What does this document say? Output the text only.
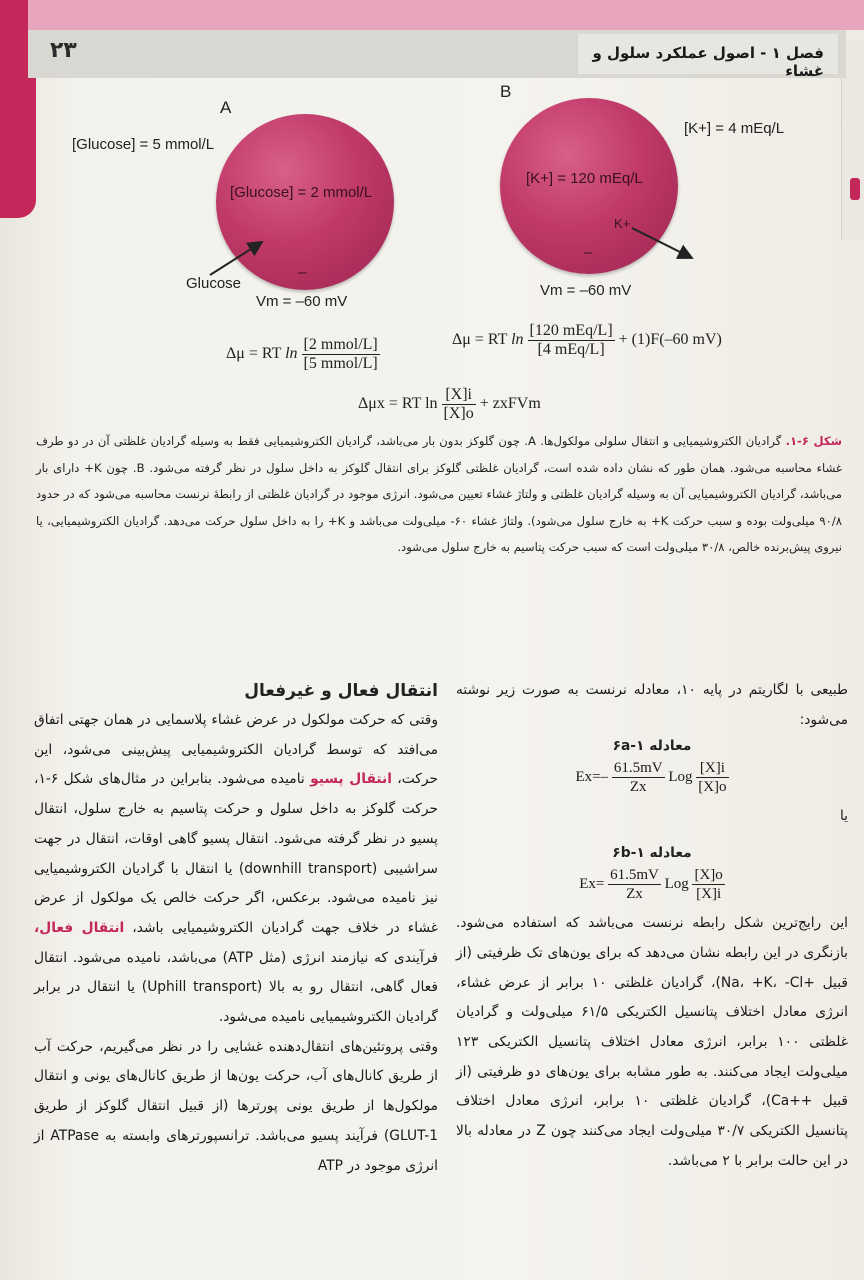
۲۳	فصل ۱ - اصول عملکرد سلول و غشاء
A
[Glucose] = 5 mmol/L
[Glucose] = 2 mmol/L
–
Glucose
Vm = –60 mV
Δμ = RT $\ln \frac{\text{[2 mmol/L]}}{\text{[5 mmol/L]}}$
B
[K+] = 4 mEq/L
[K+] = 120 mEq/L
K+
–
Vm = –60 mV
Δμ = RT $\ln \frac{\text{[120 mEq/L]}}{\text{[4 mEq/L]}} + (1)F(-60$ mV)
Δμx = RT $\ln \frac{[X]i}{[X]o}$ + zxFVm
شکل ۶-۱. گرادیان الکتروشیمیایی و انتقال سلولی مولکول‌ها. A. چون گلوکز بدون بار می‌باشد، گرادیان الکتروشیمیایی فقط به وسیله گرادیان غلظتی آن در دو طرف غشاء محاسبه می‌شود. همان طور که نشان داده شده است، گرادیان غلظتی گلوکز برای انتقال گلوکز به داخل سلول در نظر گرفته می‌شود. B. چون K+ دارای بار می‌باشد، گرادیان الکتروشیمیایی آن به وسیله گرادیان غلظتی و ولتاژ غشاء تعیین می‌شود. انرژی موجود در گرادیان غلظتی از رابطهٔ نرنست محاسبه می‌شود که در حدود ۹۰/۸ میلی‌ولت بوده و سبب حرکت K+ به خارج سلول می‌شود). ولتاژ غشاء ۶۰- میلی‌ولت می‌باشد و K+ را به داخل سلول حرکت می‌دهد. گرادیان الکتروشیمیایی، یا نیروی پیش‌برنده خالص، ۳۰/۸ میلی‌ولت است که سبب حرکت پتاسیم به خارج سلول می‌شود.
انتقال فعال و غیرفعال

وقتی که حرکت مولکول در عرض غشاء پلاسمایی در همان جهتی اتفاق می‌افتد که توسط گرادیان الکتروشیمیایی پیش‌بینی می‌شود، این حرکت، انتقال پسیو نامیده می‌شود. بنابراین در مثال‌های شکل ۶-۱، حرکت گلوکز به داخل سلول و حرکت پتاسیم به خارج سلول، انتقال پسیو در نظر گرفته می‌شود. انتقال پسیو گاهی اوقات، انتقال در جهت سراشیبی (downhill transport) یا انتقال با گرادیان الکتروشیمیایی نیز نامیده می‌شود. برعکس، اگر حرکت خالص یک مولکول از عرض غشاء در خلاف جهت گرادیان الکتروشیمیایی باشد، انتقال فعال، فرآیندی که نیازمند انرژی (مثل ATP) می‌باشد، نامیده می‌شود. انتقال فعال گاهی، انتقال رو به بالا (Uphill transport) یا انتقال در برابر گرادیان الکتروشیمیایی نامیده می‌شود.

وقتی پروتئین‌های انتقال‌دهنده غشایی را در نظر می‌گیریم، حرکت آب از طریق کانال‌های آب، حرکت یون‌ها از طریق کانال‌های یونی و انتقال مولکول‌ها از طریق یونی پورترها (از قبیل انتقال گلوکز از طریق GLUT-1) فرآیند پسیو می‌باشد. ترانسپورترهای وابسته به ATPase از انرژی موجود در ATP

طبیعی با لگاریتم در پایه ۱۰، معادله نرنست به صورت زیر نوشته می‌شود:

معادله ۶a-۱
$Ex=- \frac{61.5mV}{Zx}$ Log $\frac{[X]i}{[X]o}$
یا
معادله ۶b-۱
$Ex= \frac{61.5mV}{Zx}$ Log $\frac{[X]o}{[X]i}$

این رایج‌ترین شکل رابطه نرنست می‌باشد که استفاده می‌شود. بازنگری در این رابطه نشان می‌دهد که برای یون‌های تک ظرفیتی (از قبیل +Na، +K، -Cl)، گرادیان غلظتی ۱۰ برابر از عرض غشاء، انرژی معادل اختلاف پتانسیل الکتریکی ۶۱/۵ میلی‌ولت و گرادیان غلظتی ۱۰۰ برابر، انرژی معادل اختلاف پتانسیل الکتریکی ۱۲۳ میلی‌ولت ایجاد می‌کنند. به طور مشابه برای یون‌های دو ظرفیتی (از قبیل ++Ca)، گرادیان غلظتی ۱۰ برابر، انرژی معادل اختلاف پتانسیل الکتریکی ۳۰/۷ میلی‌ولت ایجاد می‌کنند چون Z در معادله بالا در این حالت برابر با ۲ می‌باشد.
